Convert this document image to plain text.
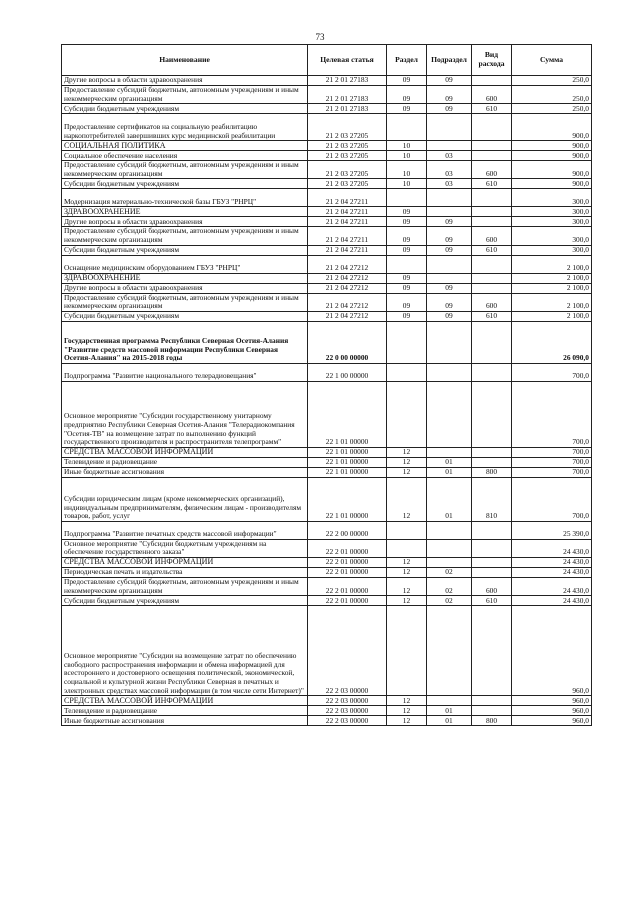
73
Наименование	Целевая статья	Раздел	Подраздел	Вид расхода	Сумма
Другие вопросы в области здравоохранения	21 2 01 27183	09	09		250,0
Предоставление субсидий бюджетным, автономным учреждениям и иным некоммерческим организациям	21 2 01 27183	09	09	600	250,0
Субсидии бюджетным учреждениям	21 2 01 27183	09	09	610	250,0
Предоставление сертификатов на социальную реабилитацию наркопотребителей завершивших курс медицинской реабилитации	21 2 03 27205				900,0
СОЦИАЛЬНАЯ ПОЛИТИКА	21 2 03 27205	10			900,0
Социальное обеспечение населения	21 2 03 27205	10	03		900,0
Предоставление субсидий бюджетным, автономным учреждениям и иным некоммерческим организациям	21 2 03 27205	10	03	600	900,0
Субсидии бюджетным учреждениям	21 2 03 27205	10	03	610	900,0
Модернизация материально-технической базы ГБУЗ "РНРЦ"	21 2 04 27211				300,0
ЗДРАВООХРАНЕНИЕ	21 2 04 27211	09			300,0
Другие вопросы в области здравоохранения	21 2 04 27211	09	09		300,0
Предоставление субсидий бюджетным, автономным учреждениям и иным некоммерческим организациям	21 2 04 27211	09	09	600	300,0
Субсидии бюджетным учреждениям	21 2 04 27211	09	09	610	300,0
Оснащение медицинским оборудованием ГБУЗ "РНРЦ"	21 2 04 27212				2 100,0
ЗДРАВООХРАНЕНИЕ	21 2 04 27212	09			2 100,0
Другие вопросы в области здравоохранения	21 2 04 27212	09	09		2 100,0
Предоставление субсидий бюджетным, автономным учреждениям и иным некоммерческим организациям	21 2 04 27212	09	09	600	2 100,0
Субсидии бюджетным учреждениям	21 2 04 27212	09	09	610	2 100,0
Государственная программа Республики Северная Осетия-Алания "Развитие средств массовой информации Республики Северная Осетия-Алания" на 2015-2018 годы	22 0 00 00000				26 090,0
Подпрограмма "Развитие национального телерадиовещания"	22 1 00 00000				700,0
Основное мероприятие "Субсидии государственному унитарному предприятию Республики Северная Осетия-Алания "Телерадиокомпания "Осетия-ТВ" на возмещение затрат по выполнению функций государственного производителя и распространителя телепрограмм"	22 1 01 00000				700,0
СРЕДСТВА МАССОВОЙ ИНФОРМАЦИИ	22 1 01 00000	12			700,0
Телевидение и радиовещание	22 1 01 00000	12	01		700,0
Иные бюджетные ассигнования	22 1 01 00000	12	01	800	700,0
Субсидии юридическим лицам (кроме некоммерческих организаций), индивидуальным предпринимателям, физическим лицам - производителям товаров, работ, услуг	22 1 01 00000	12	01	810	700,0
Подпрограмма "Развитие печатных средств массовой информации"	22 2 00 00000				25 390,0
Основное мероприятие "Субсидии бюджетным учреждениям на обеспечение государственного заказа"	22 2 01 00000				24 430,0
СРЕДСТВА МАССОВОЙ ИНФОРМАЦИИ	22 2 01 00000	12			24 430,0
Периодическая печать и издательства	22 2 01 00000	12	02		24 430,0
Предоставление субсидий бюджетным, автономным учреждениям и иным некоммерческим организациям	22 2 01 00000	12	02	600	24 430,0
Субсидии бюджетным учреждениям	22 2 01 00000	12	02	610	24 430,0
Основное мероприятие "Субсидии на возмещение затрат по обеспечению свободного распространения информации и обмена информацией для всестороннего и достоверного освещения политической, экономической, социальной и культурной жизни Республики Северная в печатных и электронных средствах массовой информации (в том числе сети Интернет)"	22 2 03 00000				960,0
СРЕДСТВА МАССОВОЙ ИНФОРМАЦИИ	22 2 03 00000	12			960,0
Телевидение и радиовещание	22 2 03 00000	12	01		960,0
Иные бюджетные ассигнования	22 2 03 00000	12	01	800	960,0
